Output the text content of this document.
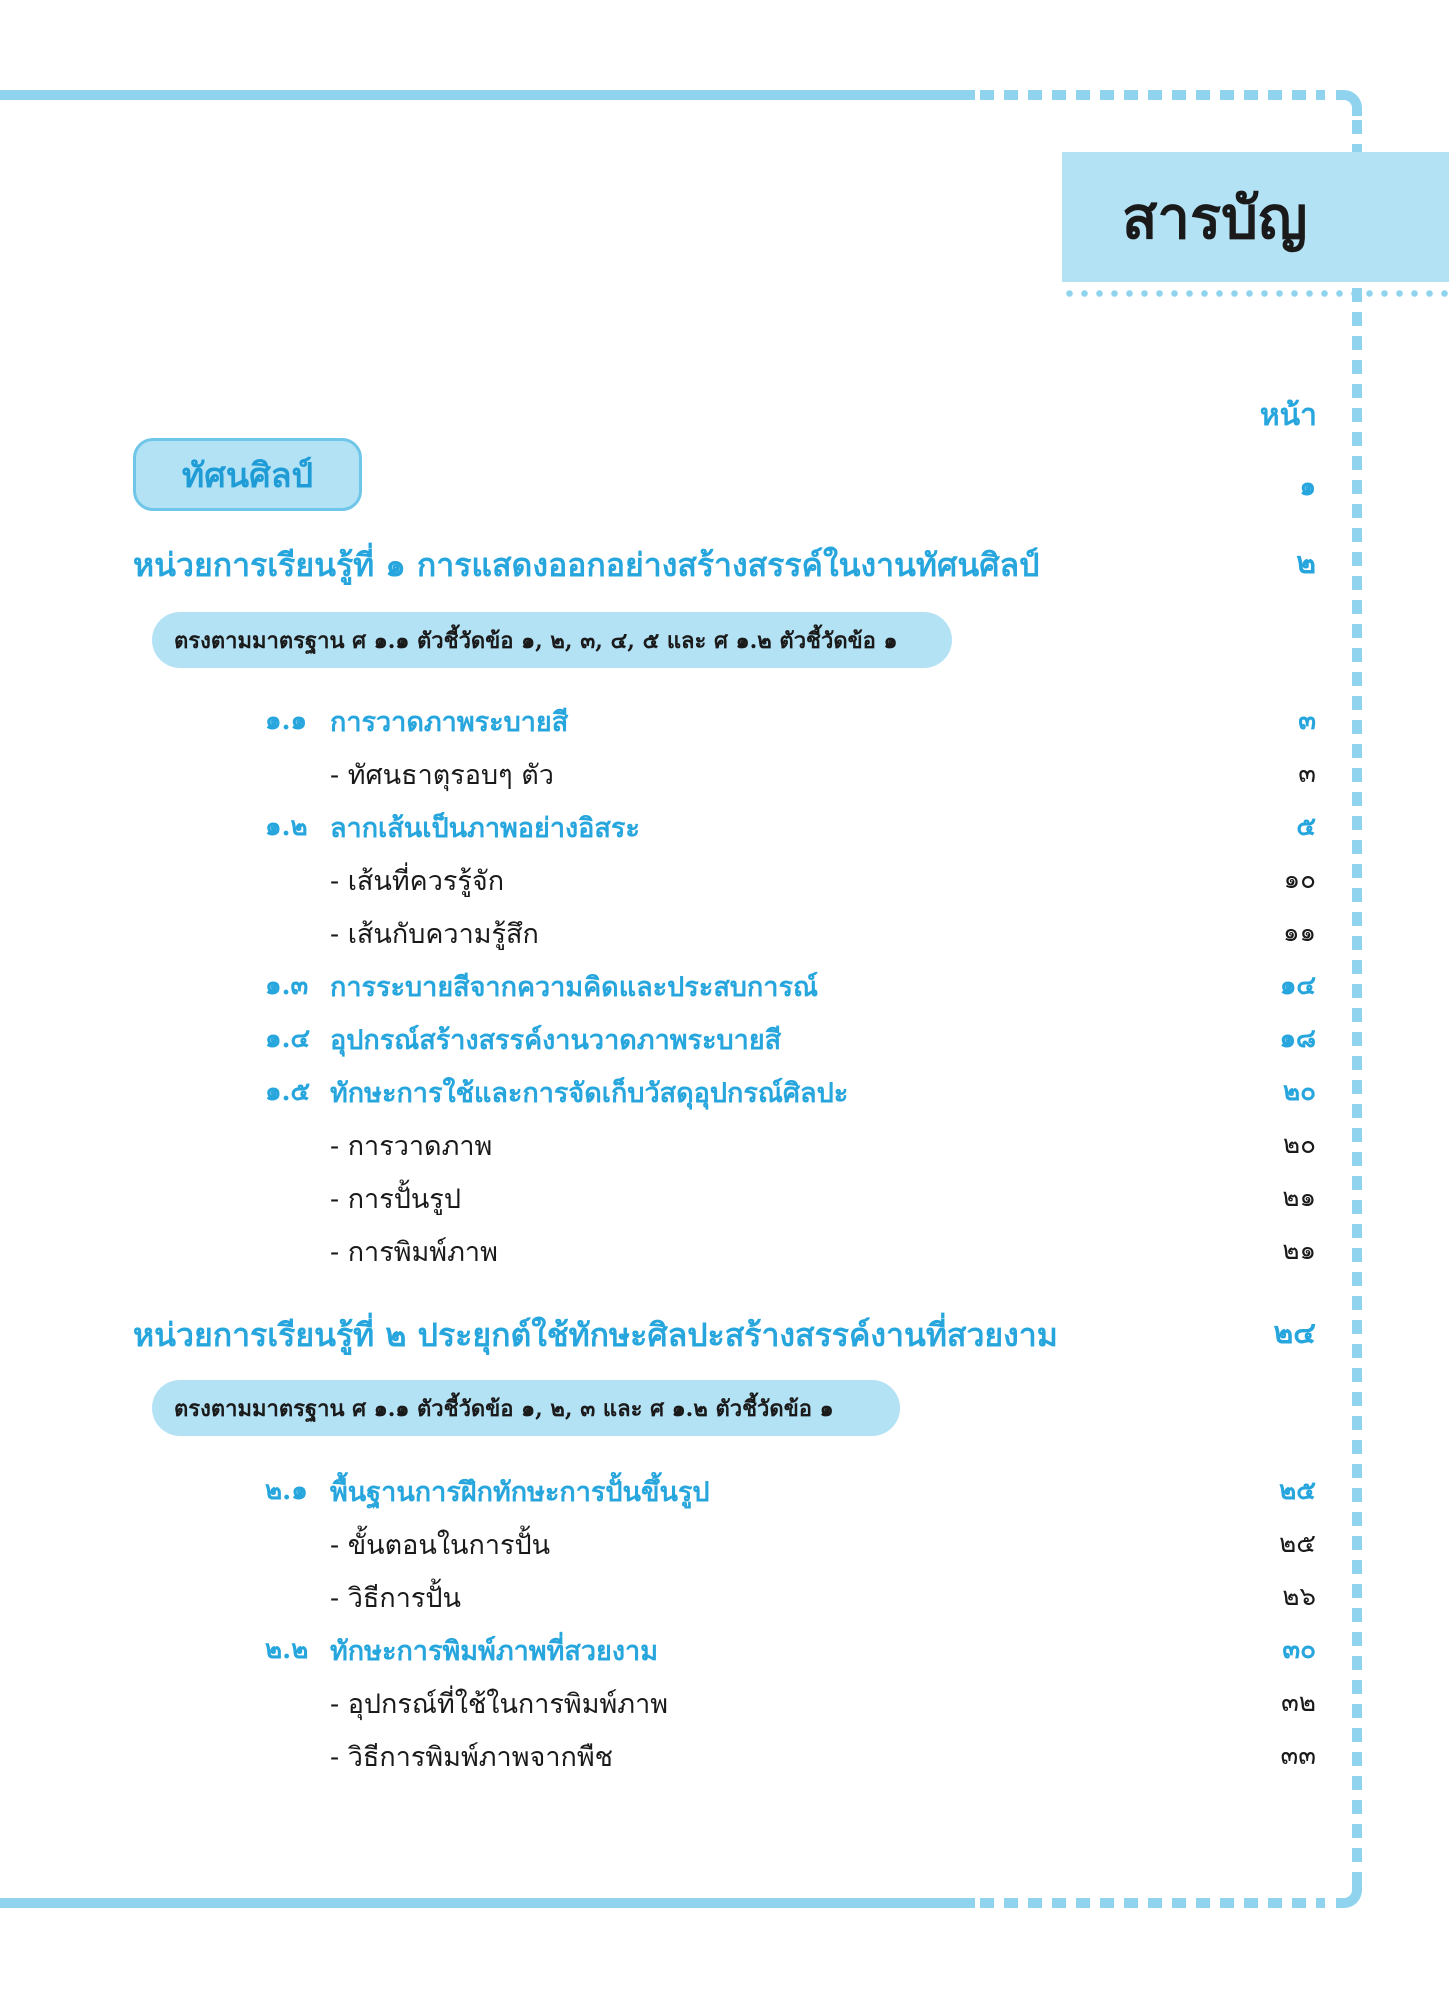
สารบัญ
หน้า
ทัศนศิลป์	๑
หน่วยการเรียนรู้ที่ ๑ การแสดงออกอย่างสร้างสรรค์ในงานทัศนศิลป์	๒
ตรงตามมาตรฐาน ศ ๑.๑ ตัวชี้วัดข้อ ๑, ๒, ๓, ๔, ๕ และ ศ ๑.๒ ตัวชี้วัดข้อ ๑
๑.๑ การวาดภาพระบายสี	๓
- ทัศนธาตุรอบๆ ตัว	๓
๑.๒ ลากเส้นเป็นภาพอย่างอิสระ	๕
- เส้นที่ควรรู้จัก	๑๐
- เส้นกับความรู้สึก	๑๑
๑.๓ การระบายสีจากความคิดและประสบการณ์	๑๔
๑.๔ อุปกรณ์สร้างสรรค์งานวาดภาพระบายสี	๑๘
๑.๕ ทักษะการใช้และการจัดเก็บวัสดุอุปกรณ์ศิลปะ	๒๐
- การวาดภาพ	๒๐
- การปั้นรูป	๒๑
- การพิมพ์ภาพ	๒๑
หน่วยการเรียนรู้ที่ ๒ ประยุกต์ใช้ทักษะศิลปะสร้างสรรค์งานที่สวยงาม	๒๔
ตรงตามมาตรฐาน ศ ๑.๑ ตัวชี้วัดข้อ ๑, ๒, ๓ และ ศ ๑.๒ ตัวชี้วัดข้อ ๑
๒.๑ พื้นฐานการฝึกทักษะการปั้นขึ้นรูป	๒๕
- ขั้นตอนในการปั้น	๒๕
- วิธีการปั้น	๒๖
๒.๒ ทักษะการพิมพ์ภาพที่สวยงาม	๓๐
- อุปกรณ์ที่ใช้ในการพิมพ์ภาพ	๓๒
- วิธีการพิมพ์ภาพจากพืช	๓๓
